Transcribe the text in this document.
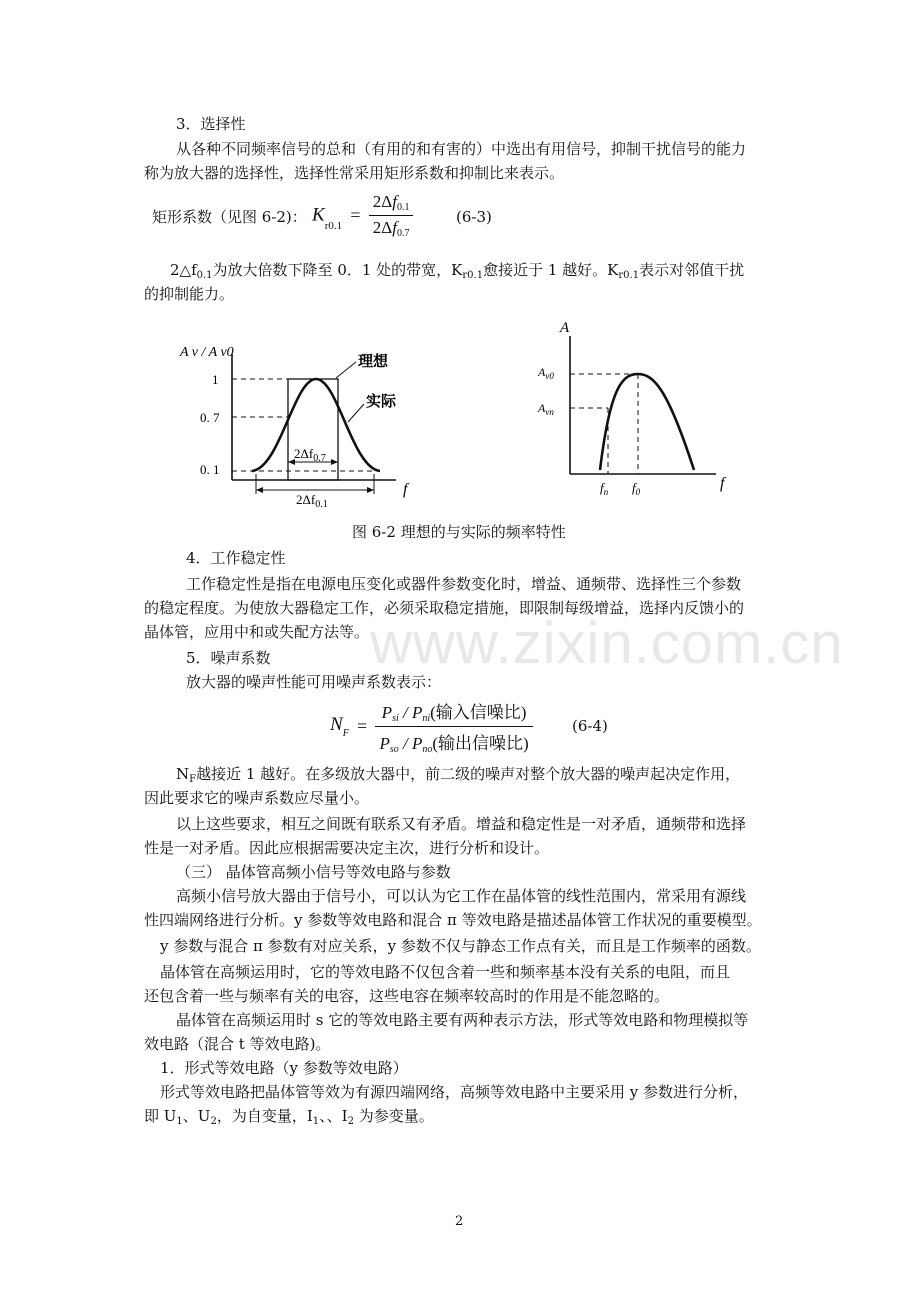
3．选择性
从各种不同频率信号的总和（有用的和有害的）中选出有用信号，抑制干扰信号的能力
称为放大器的选择性，选择性常采用矩形系数和抑制比来表示。
矩形系数（见图 6-2)： $K_{r0.1} = \frac{2\Delta f_{0.1}}{2\Delta f_{0.7}}$	(6-3)
$2\triangle f_{0.1}$为放大倍数下降至 0．1 处的带宽，$K_{r0.1}$愈接近于 1 越好。$K_{r0.1}$表示对邻值干扰
的抑制能力。
A v / A v0
f
1
0. 7
0. 1
理想
实际
$2\Delta f_{0.7}$
$2\Delta f_{0.1}$
A
f
$A_{v0}$
$A_{vn}$
$f_n$ $f_0$
图 6-2 理想的与实际的频率特性
4．工作稳定性
工作稳定性是指在电源电压变化或器件参数变化时，增益、通频带、选择性三个参数
的稳定程度。为使放大器稳定工作，必须采取稳定措施，即限制每级增益，选择内反馈小的
晶体管，应用中和或失配方法等。 www.zixin.com.cn
5．噪声系数
放大器的噪声性能可用噪声系数表示：
$N_F = \frac{P_{si} / P_{ni}(输入信噪比)}{P_{so} / P_{no}(输出信噪比)}$	(6-4)
$N_F$越接近 1 越好。在多级放大器中，前二级的噪声对整个放大器的噪声起决定作用，
因此要求它的噪声系数应尽量小。
以上这些要求，相互之间既有联系又有矛盾。增益和稳定性是一对矛盾，通频带和选择
性是一对矛盾。因此应根据需要决定主次，进行分析和设计。
（三） 晶体管高频小信号等效电路与参数
高频小信号放大器由于信号小，可以认为它工作在晶体管的线性范围内，常采用有源线
性四端网络进行分析。y 参数等效电路和混合 π 等效电路是描述晶体管工作状况的重要模型。
y 参数与混合 π 参数有对应关系，y 参数不仅与静态工作点有关，而且是工作频率的函数。
晶体管在高频运用时，它的等效电路不仅包含着一些和频率基本没有关系的电阻，而且
还包含着一些与频率有关的电容，这些电容在频率较高时的作用是不能忽略的。
晶体管在高频运用时 s 它的等效电路主要有两种表示方法，形式等效电路和物理模拟等
效电路（混合 t 等效电路)。
1．形式等效电路（y 参数等效电路）
形式等效电路把晶体管等效为有源四端网络，高频等效电路中主要采用 y 参数进行分析，
即 $U_1$、$U_2$，为自变量，$I_1$、、$I_2$ 为参变量。
2
